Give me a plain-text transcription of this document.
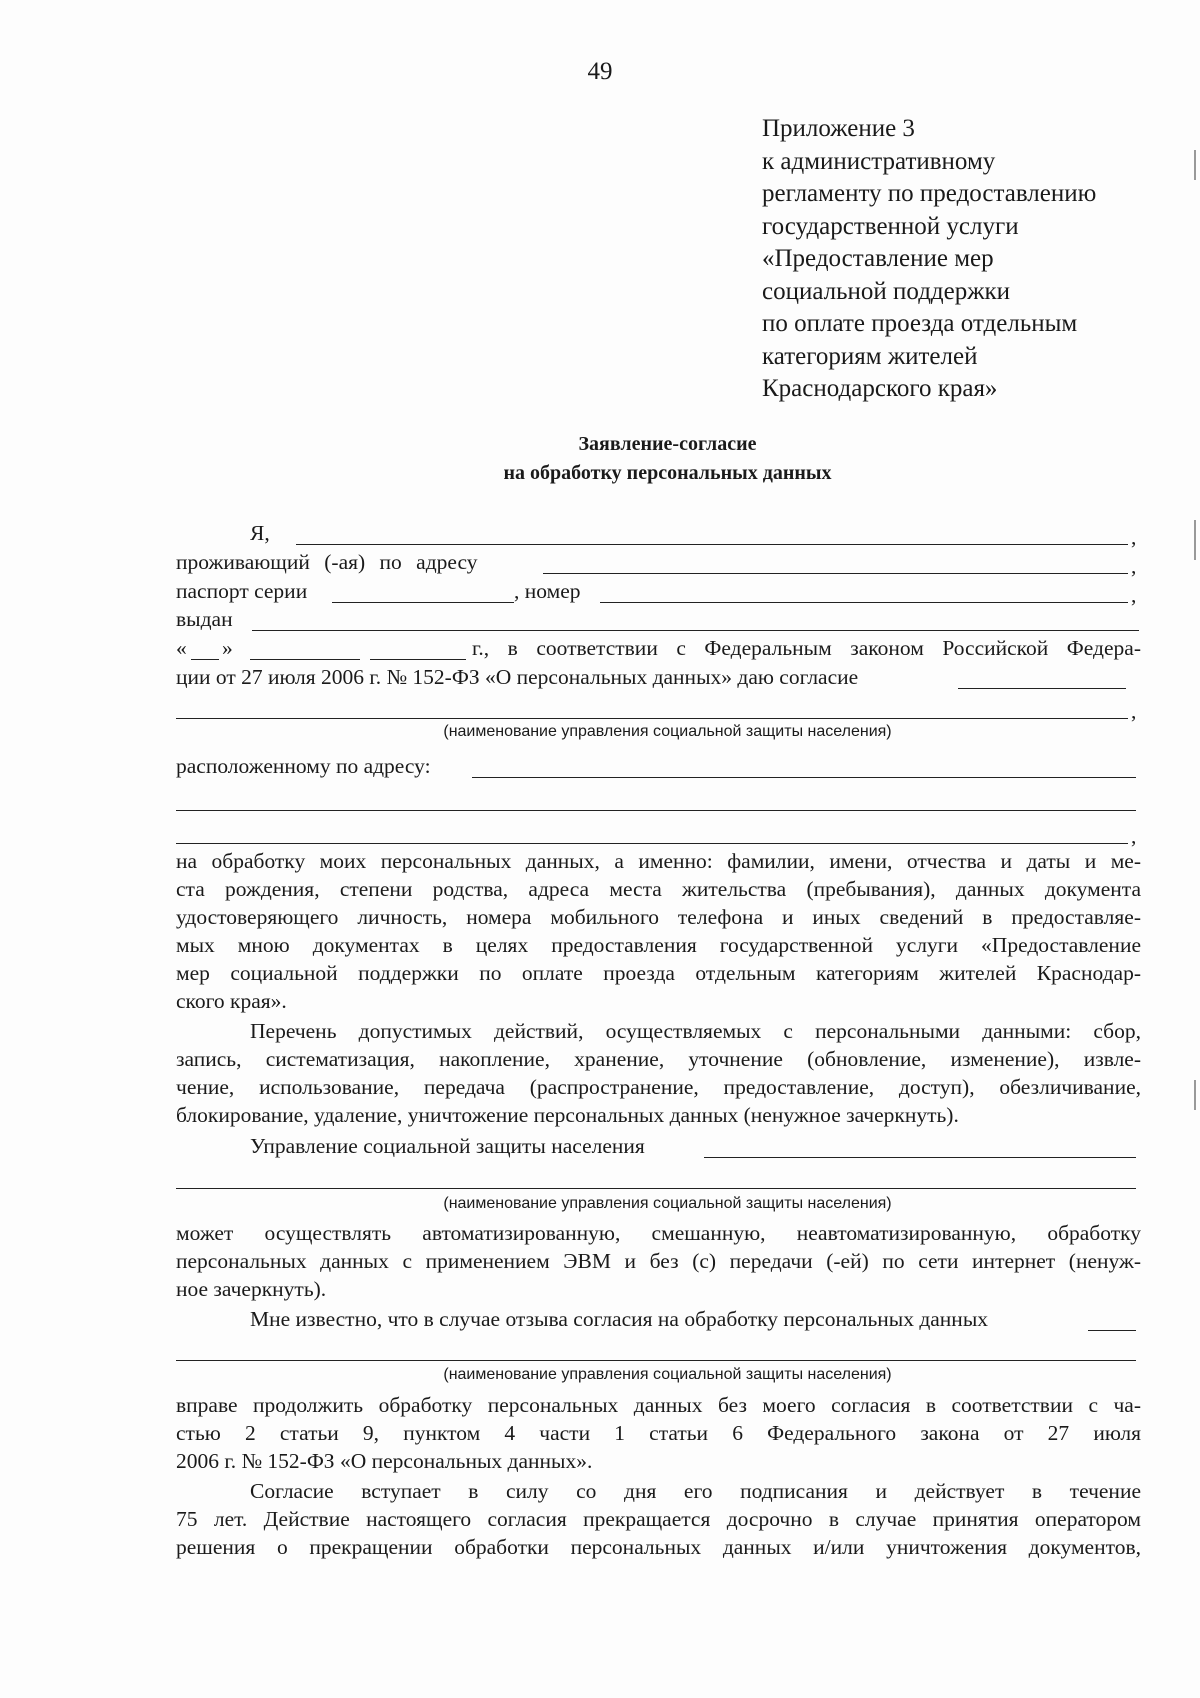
49
Приложение 3
к административному
регламенту по предоставлению
государственной услуги
«Предоставление мер
социальной поддержки
по оплате проезда отдельным
категориям жителей
Краснодарского края»
Заявление-согласие
на обработку персональных данных
Я,	,
проживающий (-ая) по адресу	,
паспорт серии	, номер	,
выдан
« »	г., в соответствии с Федеральным законом Российской Федера-
ции от 27 июля 2006 г. № 152-ФЗ «О персональных данных» даю согласие
,
(наименование управления социальной защиты населения)
расположенному по адресу:
,
на обработку моих персональных данных, а именно: фамилии, имени, отчества и даты и ме-
ста рождения, степени родства, адреса места жительства (пребывания), данных документа
удостоверяющего личность, номера мобильного телефона и иных сведений в предоставляе-
мых мною документах в целях предоставления государственной услуги «Предоставление
мер социальной поддержки по оплате проезда отдельным категориям жителей Краснодар-
ского края».
Перечень допустимых действий, осуществляемых с персональными данными: сбор,
запись, систематизация, накопление, хранение, уточнение (обновление, изменение), извле-
чение, использование, передача (распространение, предоставление, доступ), обезличивание,
блокирование, удаление, уничтожение персональных данных (ненужное зачеркнуть).
Управление социальной защиты населения
(наименование управления социальной защиты населения)
может осуществлять автоматизированную, смешанную, неавтоматизированную, обработку
персональных данных с применением ЭВМ и без (с) передачи (-ей) по сети интернет (ненуж-
ное зачеркнуть).
Мне известно, что в случае отзыва согласия на обработку персональных данных
(наименование управления социальной защиты населения)
вправе продолжить обработку персональных данных без моего согласия в соответствии с ча-
стью 2 статьи 9, пунктом 4 части 1 статьи 6 Федерального закона от 27 июля
2006 г. № 152-ФЗ «О персональных данных».
Согласие вступает в силу со дня его подписания и действует в течение
75 лет. Действие настоящего согласия прекращается досрочно в случае принятия оператором
решения о прекращении обработки персональных данных и/или уничтожения документов,
